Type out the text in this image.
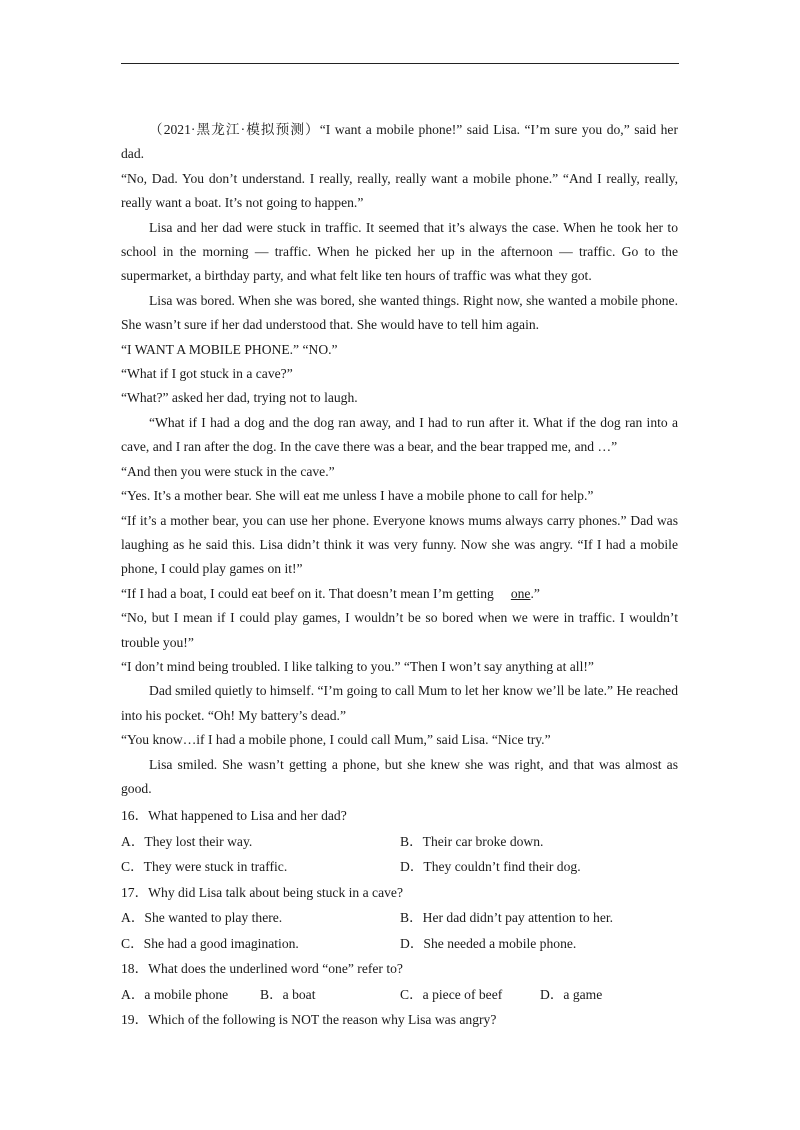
（2021·黑龙江·模拟预测）“I want a mobile phone!” said Lisa. “I’m sure you do,” said her dad.

“No, Dad. You don’t understand. I really, really, really want a mobile phone.” “And I really, really, really want a boat. It’s not going to happen.”

Lisa and her dad were stuck in traffic. It seemed that it’s always the case. When he took her to school in the morning — traffic. When he picked her up in the afternoon — traffic. Go to the supermarket, a birthday party, and what felt like ten hours of traffic was what they got.

Lisa was bored. When she was bored, she wanted things. Right now, she wanted a mobile phone. She wasn’t sure if her dad understood that. She would have to tell him again.

“I WANT A MOBILE PHONE.” “NO.”

“What if I got stuck in a cave?”

“What?” asked her dad, trying not to laugh.

“What if I had a dog and the dog ran away, and I had to run after it. What if the dog ran into a cave, and I ran after the dog. In the cave there was a bear, and the bear trapped me, and …”

“And then you were stuck in the cave.”

“Yes. It’s a mother bear. She will eat me unless I have a mobile phone to call for help.”

“If it’s a mother bear, you can use her phone. Everyone knows mums always carry phones.” Dad was laughing as he said this. Lisa didn’t think it was very funny. Now she was angry. “If I had a mobile phone, I could play games on it!”

“If I had a boat, I could eat beef on it. That doesn’t mean I’m getting one.”

“No, but I mean if I could play games, I wouldn’t be so bored when we were in traffic. I wouldn’t trouble you!”

“I don’t mind being troubled. I like talking to you.” “Then I won’t say anything at all!”

Dad smiled quietly to himself. “I’m going to call Mum to let her know we’ll be late.” He reached into his pocket. “Oh! My battery’s dead.”

“You know…if I had a mobile phone, I could call Mum,” said Lisa. “Nice try.”

Lisa smiled. She wasn’t getting a phone, but she knew she was right, and that was almost as good.

16．What happened to Lisa and her dad?

A．They lost their way.	B．Their car broke down.
C．They were stuck in traffic.	D．They couldn’t find their dog.

17．Why did Lisa talk about being stuck in a cave?

A．She wanted to play there.	B．Her dad didn’t pay attention to her.
C．She had a good imagination.	D．She needed a mobile phone.

18．What does the underlined word “one” refer to?

A．a mobile phone	B．a boat	C．a piece of beef	D．a game

19．Which of the following is NOT the reason why Lisa was angry?
